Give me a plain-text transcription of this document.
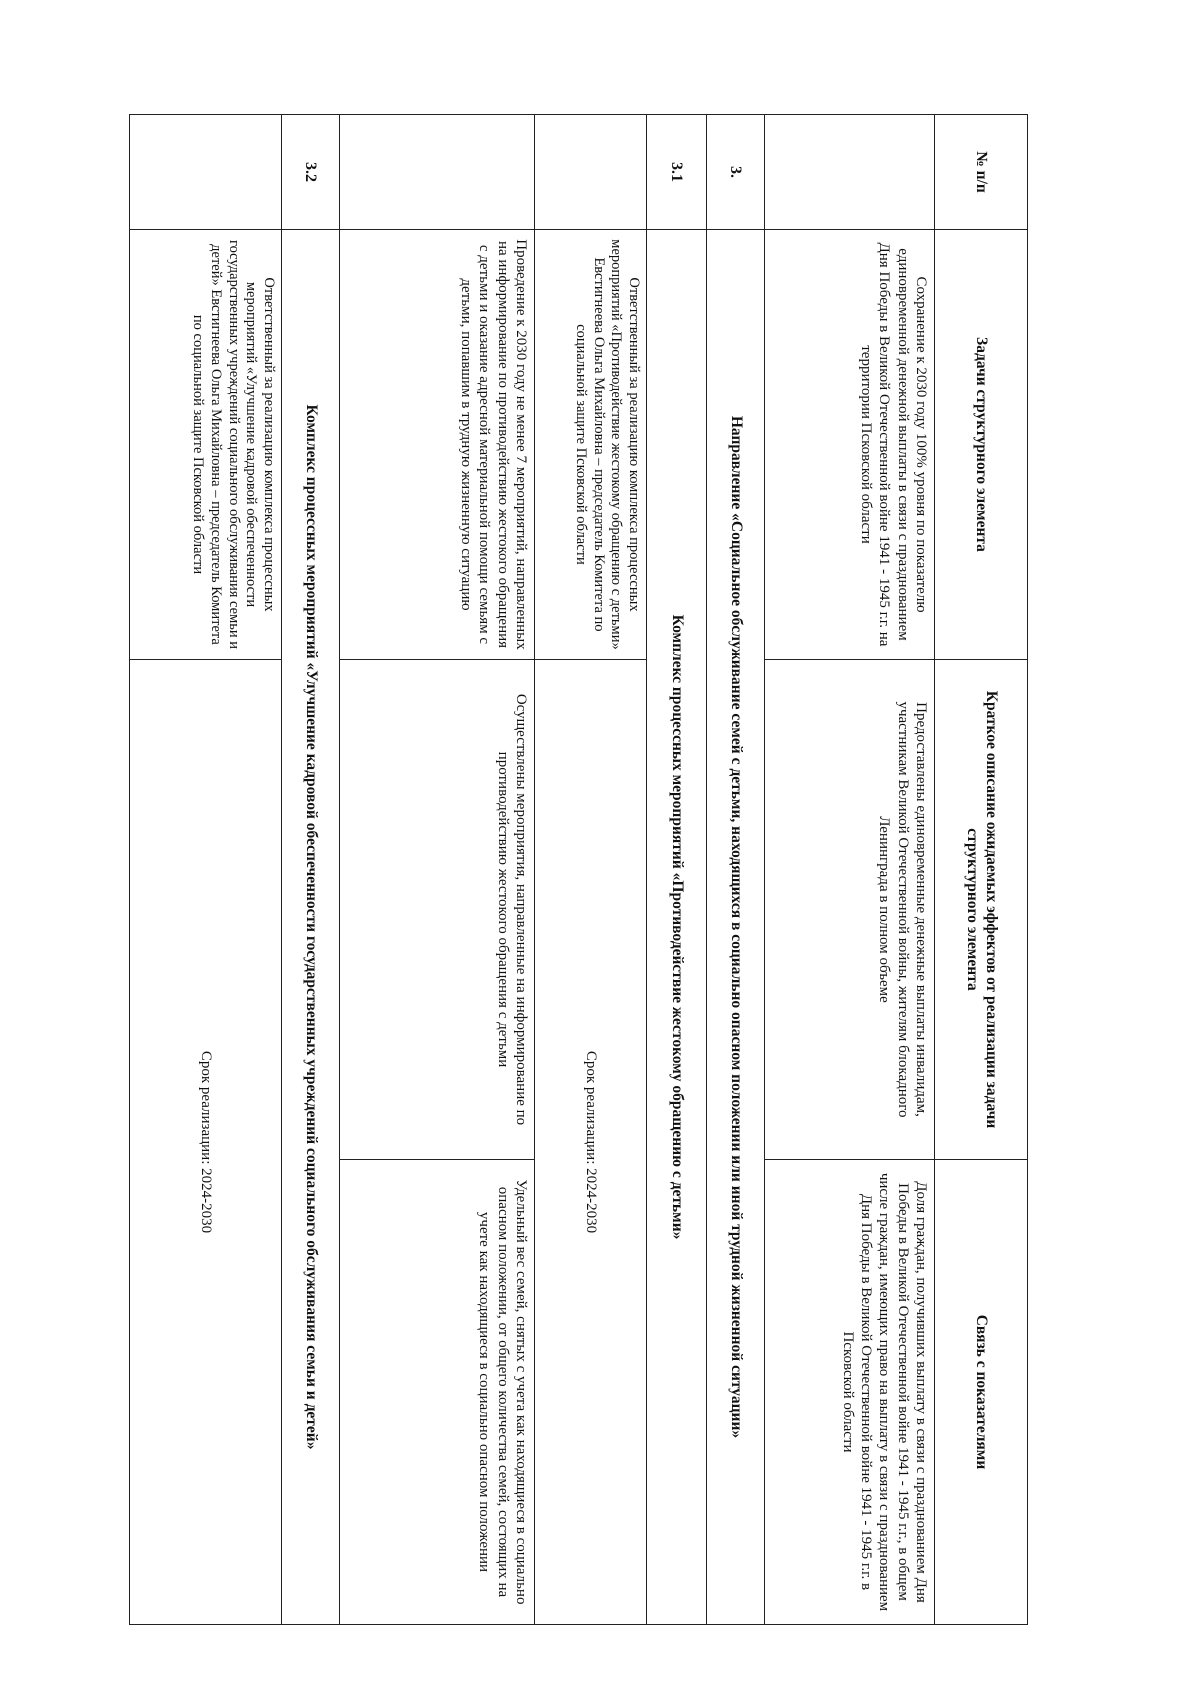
№ п/п	Задачи структурного элемента	Краткое описание ожидаемых эффектов от реализации задачи структурного элемента	Связь с показателями
	Сохранение к 2030 году 100% уровня по показателю единовременной денежной выплаты в связи с празднованием Дня Победы в Великой Отечественной войне 1941 - 1945 г.г. на территории Псковской области	Предоставлены единовременные денежные выплаты инвалидам, участникам Великой Отечественной войны, жителям блокадного Ленинграда в полном объеме	Доля граждан, получивших выплату в связи с празднованием Дня Победы в Великой Отечественной войне 1941 - 1945 г.г., в общем числе граждан, имеющих право на выплату в связи с празднованием Дня Победы в Великой Отечественной войне 1941 - 1945 г.г. в Псковской области
3.	Направление «Социальное обслуживание семей с детьми, находящихся в социально опасном положении или иной трудной жизненной ситуации»		
3.1	Комплекс процессных мероприятий «Противодействие жестокому обращению с детьми»		
	Ответственный за реализацию комплекса процессных мероприятий «Противодействие жестокому обращению с детьми» Евстигнеева Ольга Михайловна – председатель Комитета по социальной защите Псковской области	Срок реализации: 2024-2030	
	Проведение к 2030 году не менее 7 мероприятий, направленных на информирование по противодействию жестокого обращения с детьми и оказание адресной материальной помощи семьям с детьми, попавшим в трудную жизненную ситуацию	Осуществлены мероприятия, направленные на информирование по противодействию жестокого обращения с детьми	Удельный вес семей, снятых с учета как находящиеся в социально опасном положении, от общего количества семей, состоящих на учете как находящиеся в социально опасном положении
3.2	Комплекс процессных мероприятий «Улучшение кадровой обеспеченности государственных учреждений социального обслуживания семьи и детей»		
	Ответственный за реализацию комплекса процессных мероприятий «Улучшение кадровой обеспеченности государственных учреждений социального обслуживания семьи и детей» Евстигнеева Ольга Михайловна – председатель Комитета по социальной защите Псковской области	Срок реализации: 2024-2030	
